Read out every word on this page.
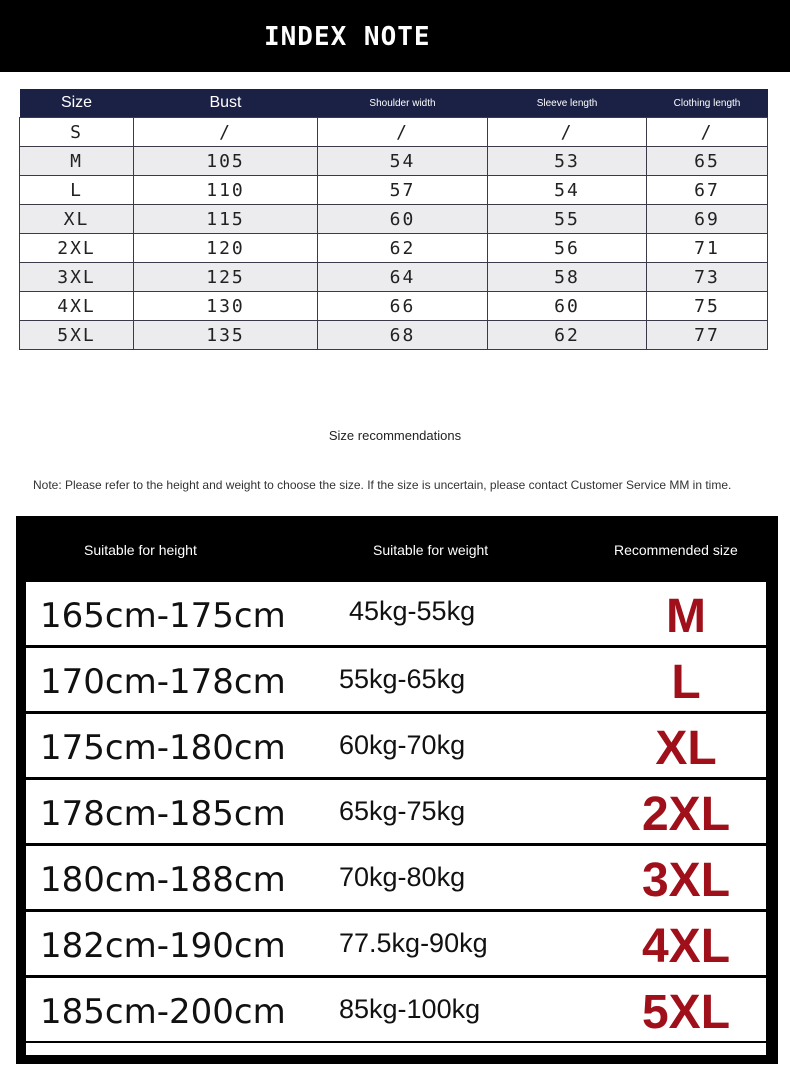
INDEX NOTE
Size	Bust	Shoulder width	Sleeve length	Clothing length
S	/	/	/	/
M	105	54	53	65
L	110	57	54	67
XL	115	60	55	69
2XL	120	62	56	71
3XL	125	64	58	73
4XL	130	66	60	75
5XL	135	68	62	77
Size recommendations
Note: Please refer to the height and weight to choose the size. If the size is uncertain, please contact Customer Service MM in time.
Suitable for height	Suitable for weight	Recommended size
165cm-175cm 45kg-55kg	M
170cm-178cm 55kg-65kg	L
175cm-180cm 60kg-70kg	XL
178cm-185cm 65kg-75kg	2XL
180cm-188cm 70kg-80kg	3XL
182cm-190cm 77.5kg-90kg	4XL
185cm-200cm 85kg-100kg	5XL
